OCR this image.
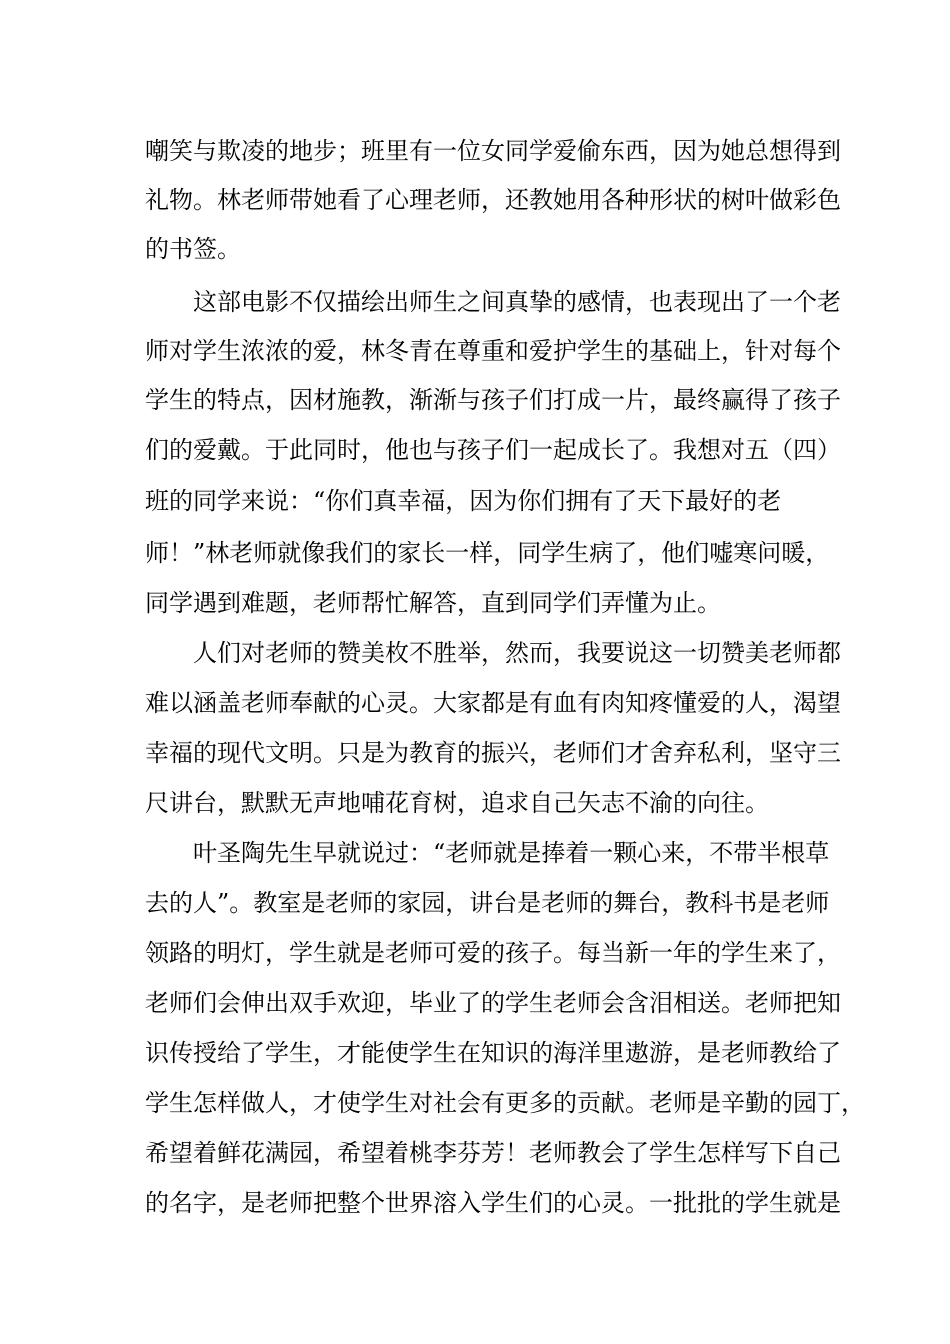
嘲笑与欺凌的地步；班里有一位女同学爱偷东西，因为她总想得到
礼物。林老师带她看了心理老师，还教她用各种形状的树叶做彩色
的书签。
这部电影不仅描绘出师生之间真挚的感情，也表现出了一个老
师对学生浓浓的爱，林冬青在尊重和爱护学生的基础上，针对每个
学生的特点，因材施教，渐渐与孩子们打成一片，最终赢得了孩子
们的爱戴。于此同时，他也与孩子们一起成长了。我想对五（四）
班的同学来说：“你们真幸福，因为你们拥有了天下最好的老
师！”林老师就像我们的家长一样，同学生病了，他们嘘寒问暖，
同学遇到难题，老师帮忙解答，直到同学们弄懂为止。
人们对老师的赞美枚不胜举，然而，我要说这一切赞美老师都
难以涵盖老师奉献的心灵。大家都是有血有肉知疼懂爱的人，渴望
幸福的现代文明。只是为教育的振兴，老师们才舍弃私利，坚守三
尺讲台，默默无声地哺花育树，追求自己矢志不渝的向往。
叶圣陶先生早就说过：“老师就是捧着一颗心来，不带半根草
去的人”。教室是老师的家园，讲台是老师的舞台，教科书是老师
领路的明灯，学生就是老师可爱的孩子。每当新一年的学生来了，
老师们会伸出双手欢迎，毕业了的学生老师会含泪相送。老师把知
识传授给了学生，才能使学生在知识的海洋里遨游，是老师教给了
学生怎样做人，才使学生对社会有更多的贡献。老师是辛勤的园丁，
希望着鲜花满园，希望着桃李芬芳！老师教会了学生怎样写下自己
的名字，是老师把整个世界溶入学生们的心灵。一批批的学生就是
